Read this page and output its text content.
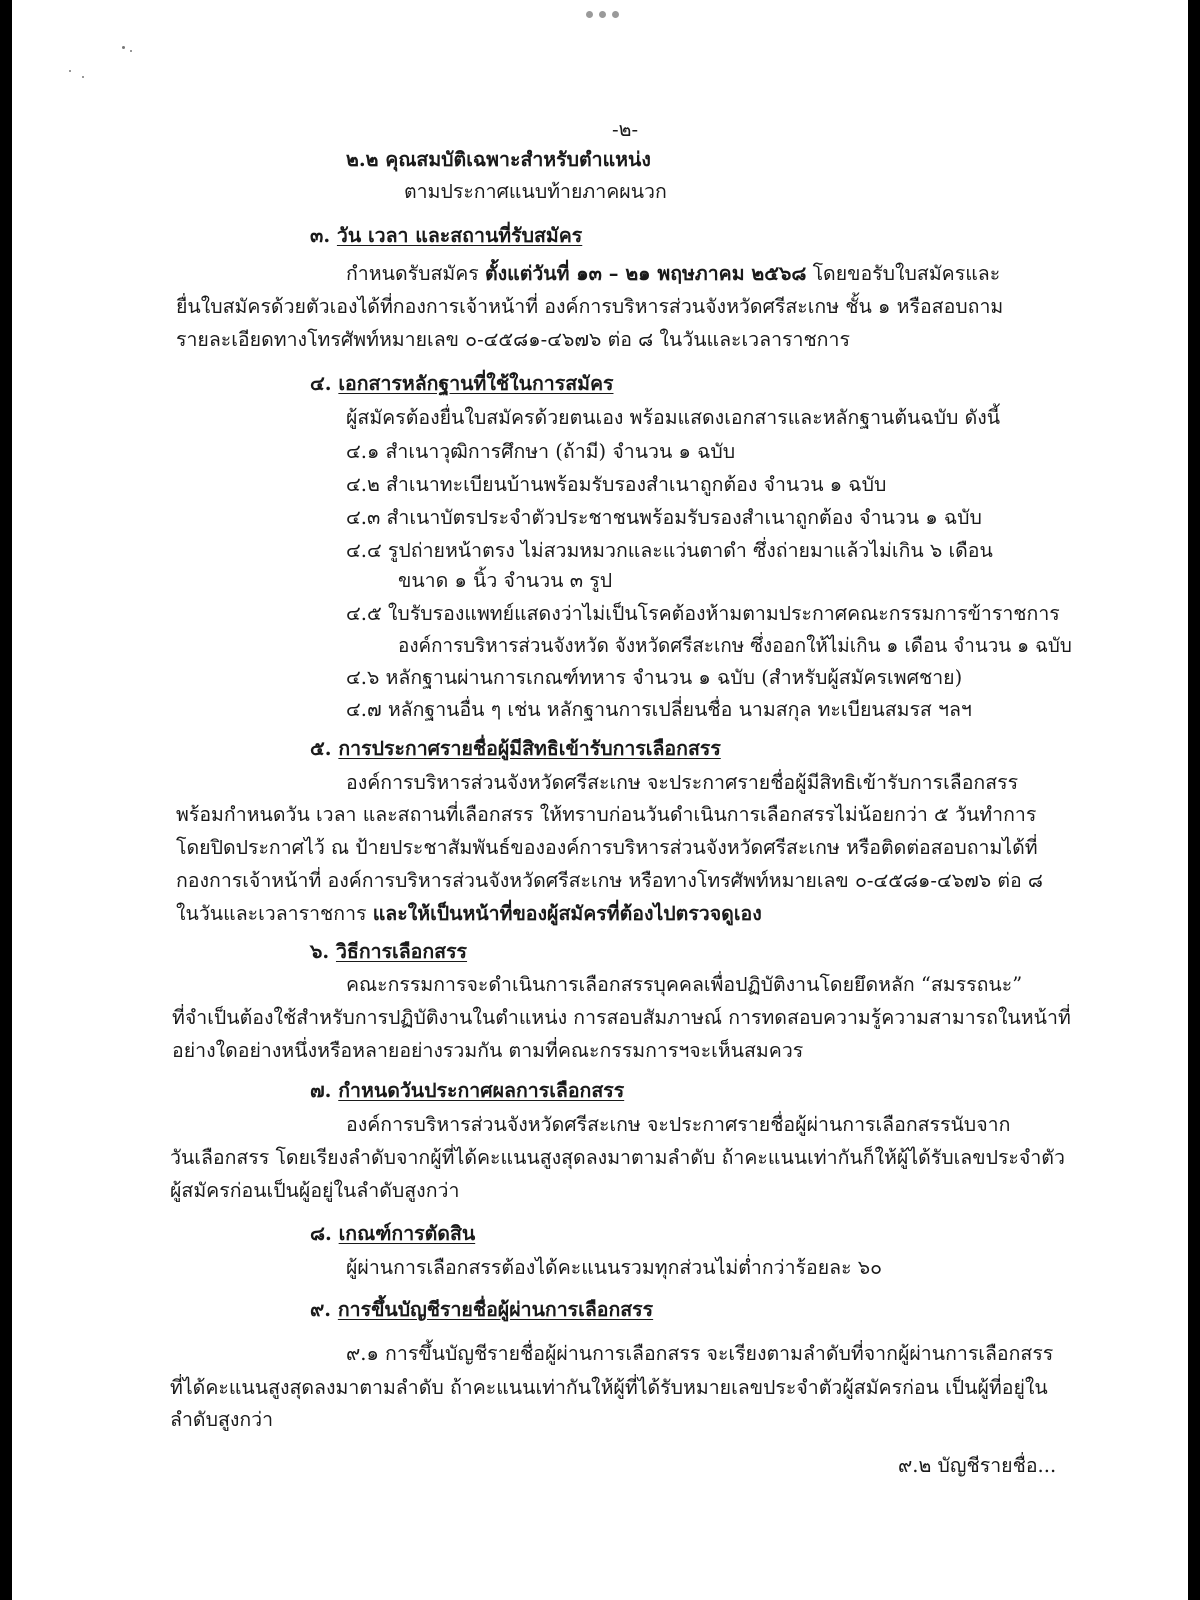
-๒-
๒.๒ คุณสมบัติเฉพาะสำหรับตำแหน่ง
ตามประกาศแนบท้ายภาคผนวก
๓. วัน เวลา และสถานที่รับสมัคร
กำหนดรับสมัคร ตั้งแต่วันที่ ๑๓ – ๒๑ พฤษภาคม ๒๕๖๘ โดยขอรับใบสมัครและ
ยื่นใบสมัครด้วยตัวเองได้ที่กองการเจ้าหน้าที่ องค์การบริหารส่วนจังหวัดศรีสะเกษ ชั้น ๑ หรือสอบถาม
รายละเอียดทางโทรศัพท์หมายเลข ๐-๔๕๘๑-๔๖๗๖ ต่อ ๘ ในวันและเวลาราชการ
๔. เอกสารหลักฐานที่ใช้ในการสมัคร
ผู้สมัครต้องยื่นใบสมัครด้วยตนเอง พร้อมแสดงเอกสารและหลักฐานต้นฉบับ ดังนี้
๔.๑ สำเนาวุฒิการศึกษา (ถ้ามี) จำนวน ๑ ฉบับ
๔.๒ สำเนาทะเบียนบ้านพร้อมรับรองสำเนาถูกต้อง จำนวน ๑ ฉบับ
๔.๓ สำเนาบัตรประจำตัวประชาชนพร้อมรับรองสำเนาถูกต้อง จำนวน ๑ ฉบับ
๔.๔ รูปถ่ายหน้าตรง ไม่สวมหมวกและแว่นตาดำ ซึ่งถ่ายมาแล้วไม่เกิน ๖ เดือน
ขนาด ๑ นิ้ว จำนวน ๓ รูป
๔.๕ ใบรับรองแพทย์แสดงว่าไม่เป็นโรคต้องห้ามตามประกาศคณะกรรมการข้าราชการ
องค์การบริหารส่วนจังหวัด จังหวัดศรีสะเกษ ซึ่งออกให้ไม่เกิน ๑ เดือน จำนวน ๑ ฉบับ
๔.๖ หลักฐานผ่านการเกณฑ์ทหาร จำนวน ๑ ฉบับ (สำหรับผู้สมัครเพศชาย)
๔.๗ หลักฐานอื่น ๆ เช่น หลักฐานการเปลี่ยนชื่อ นามสกุล ทะเบียนสมรส ฯลฯ
๕. การประกาศรายชื่อผู้มีสิทธิเข้ารับการเลือกสรร
องค์การบริหารส่วนจังหวัดศรีสะเกษ จะประกาศรายชื่อผู้มีสิทธิเข้ารับการเลือกสรร
พร้อมกำหนดวัน เวลา และสถานที่เลือกสรร ให้ทราบก่อนวันดำเนินการเลือกสรรไม่น้อยกว่า ๕ วันทำการ
โดยปิดประกาศไว้ ณ ป้ายประชาสัมพันธ์ขององค์การบริหารส่วนจังหวัดศรีสะเกษ หรือติดต่อสอบถามได้ที่
กองการเจ้าหน้าที่ องค์การบริหารส่วนจังหวัดศรีสะเกษ หรือทางโทรศัพท์หมายเลข ๐-๔๕๘๑-๔๖๗๖ ต่อ ๘
ในวันและเวลาราชการ และให้เป็นหน้าที่ของผู้สมัครที่ต้องไปตรวจดูเอง
๖. วิธีการเลือกสรร
คณะกรรมการจะดำเนินการเลือกสรรบุคคลเพื่อปฏิบัติงานโดยยึดหลัก “สมรรถนะ”
ที่จำเป็นต้องใช้สำหรับการปฏิบัติงานในตำแหน่ง การสอบสัมภาษณ์ การทดสอบความรู้ความสามารถในหน้าที่
อย่างใดอย่างหนึ่งหรือหลายอย่างรวมกัน ตามที่คณะกรรมการฯจะเห็นสมควร
๗. กำหนดวันประกาศผลการเลือกสรร
องค์การบริหารส่วนจังหวัดศรีสะเกษ จะประกาศรายชื่อผู้ผ่านการเลือกสรรนับจาก
วันเลือกสรร โดยเรียงลำดับจากผู้ที่ได้คะแนนสูงสุดลงมาตามลำดับ ถ้าคะแนนเท่ากันก็ให้ผู้ได้รับเลขประจำตัว
ผู้สมัครก่อนเป็นผู้อยู่ในลำดับสูงกว่า
๘. เกณฑ์การตัดสิน
ผู้ผ่านการเลือกสรรต้องได้คะแนนรวมทุกส่วนไม่ต่ำกว่าร้อยละ ๖๐
๙. การขึ้นบัญชีรายชื่อผู้ผ่านการเลือกสรร
๙.๑ การขึ้นบัญชีรายชื่อผู้ผ่านการเลือกสรร จะเรียงตามลำดับที่จากผู้ผ่านการเลือกสรร
ที่ได้คะแนนสูงสุดลงมาตามลำดับ ถ้าคะแนนเท่ากันให้ผู้ที่ได้รับหมายเลขประจำตัวผู้สมัครก่อน เป็นผู้ที่อยู่ใน
ลำดับสูงกว่า
๙.๒ บัญชีรายชื่อ...
